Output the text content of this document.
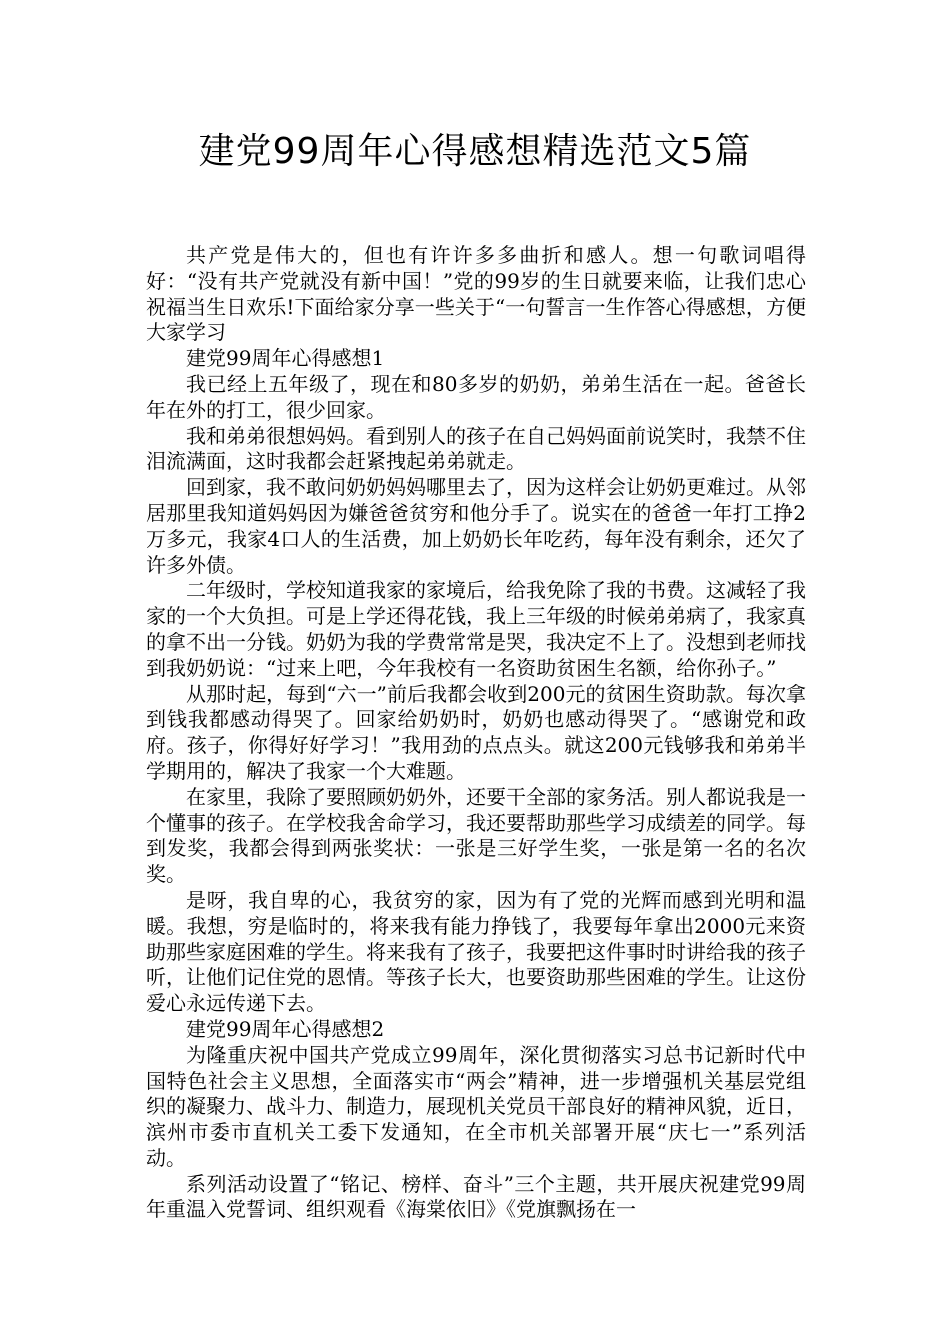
建党99周年心得感想精选范文5篇

共产党是伟大的，但也有许许多多曲折和感人。想一句歌词唱得好：“没有共产党就没有新中国！”党的99岁的生日就要来临，让我们忠心祝福当生日欢乐!下面给家分享一些关于“一句誓言一生作答心得感想，方便大家学习

建党99周年心得感想1

我已经上五年级了，现在和80多岁的奶奶，弟弟生活在一起。爸爸长年在外的打工，很少回家。

我和弟弟很想妈妈。看到别人的孩子在自己妈妈面前说笑时，我禁不住泪流满面，这时我都会赶紧拽起弟弟就走。

回到家，我不敢问奶奶妈妈哪里去了，因为这样会让奶奶更难过。从邻居那里我知道妈妈因为嫌爸爸贫穷和他分手了。说实在的爸爸一年打工挣2万多元，我家4口人的生活费，加上奶奶长年吃药，每年没有剩余，还欠了许多外债。

二年级时，学校知道我家的家境后，给我免除了我的书费。这减轻了我家的一个大负担。可是上学还得花钱，我上三年级的时候弟弟病了，我家真的拿不出一分钱。奶奶为我的学费常常是哭，我决定不上了。没想到老师找到我奶奶说：“过来上吧，今年我校有一名资助贫困生名额，给你孙子。”

从那时起，每到“六一”前后我都会收到200元的贫困生资助款。每次拿到钱我都感动得哭了。回家给奶奶时，奶奶也感动得哭了。“感谢党和政府。孩子，你得好好学习！”我用劲的点点头。就这200元钱够我和弟弟半学期用的，解决了我家一个大难题。

在家里，我除了要照顾奶奶外，还要干全部的家务活。别人都说我是一个懂事的孩子。在学校我舍命学习，我还要帮助那些学习成绩差的同学。每到发奖，我都会得到两张奖状：一张是三好学生奖，一张是第一名的名次奖。

是呀，我自卑的心，我贫穷的家，因为有了党的光辉而感到光明和温暖。我想，穷是临时的，将来我有能力挣钱了，我要每年拿出2000元来资助那些家庭困难的学生。将来我有了孩子，我要把这件事时时讲给我的孩子听，让他们记住党的恩情。等孩子长大，也要资助那些困难的学生。让这份爱心永远传递下去。

建党99周年心得感想2

为隆重庆祝中国共产党成立99周年，深化贯彻落实习总书记新时代中国特色社会主义思想，全面落实市“两会”精神，进一步增强机关基层党组织的凝聚力、战斗力、制造力，展现机关党员干部良好的精神风貌，近日，滨州市委市直机关工委下发通知，在全市机关部署开展“庆七一”系列活动。

系列活动设置了“铭记、榜样、奋斗”三个主题，共开展庆祝建党99周年重温入党誓词、组织观看《海棠依旧》《党旗飘扬在一
